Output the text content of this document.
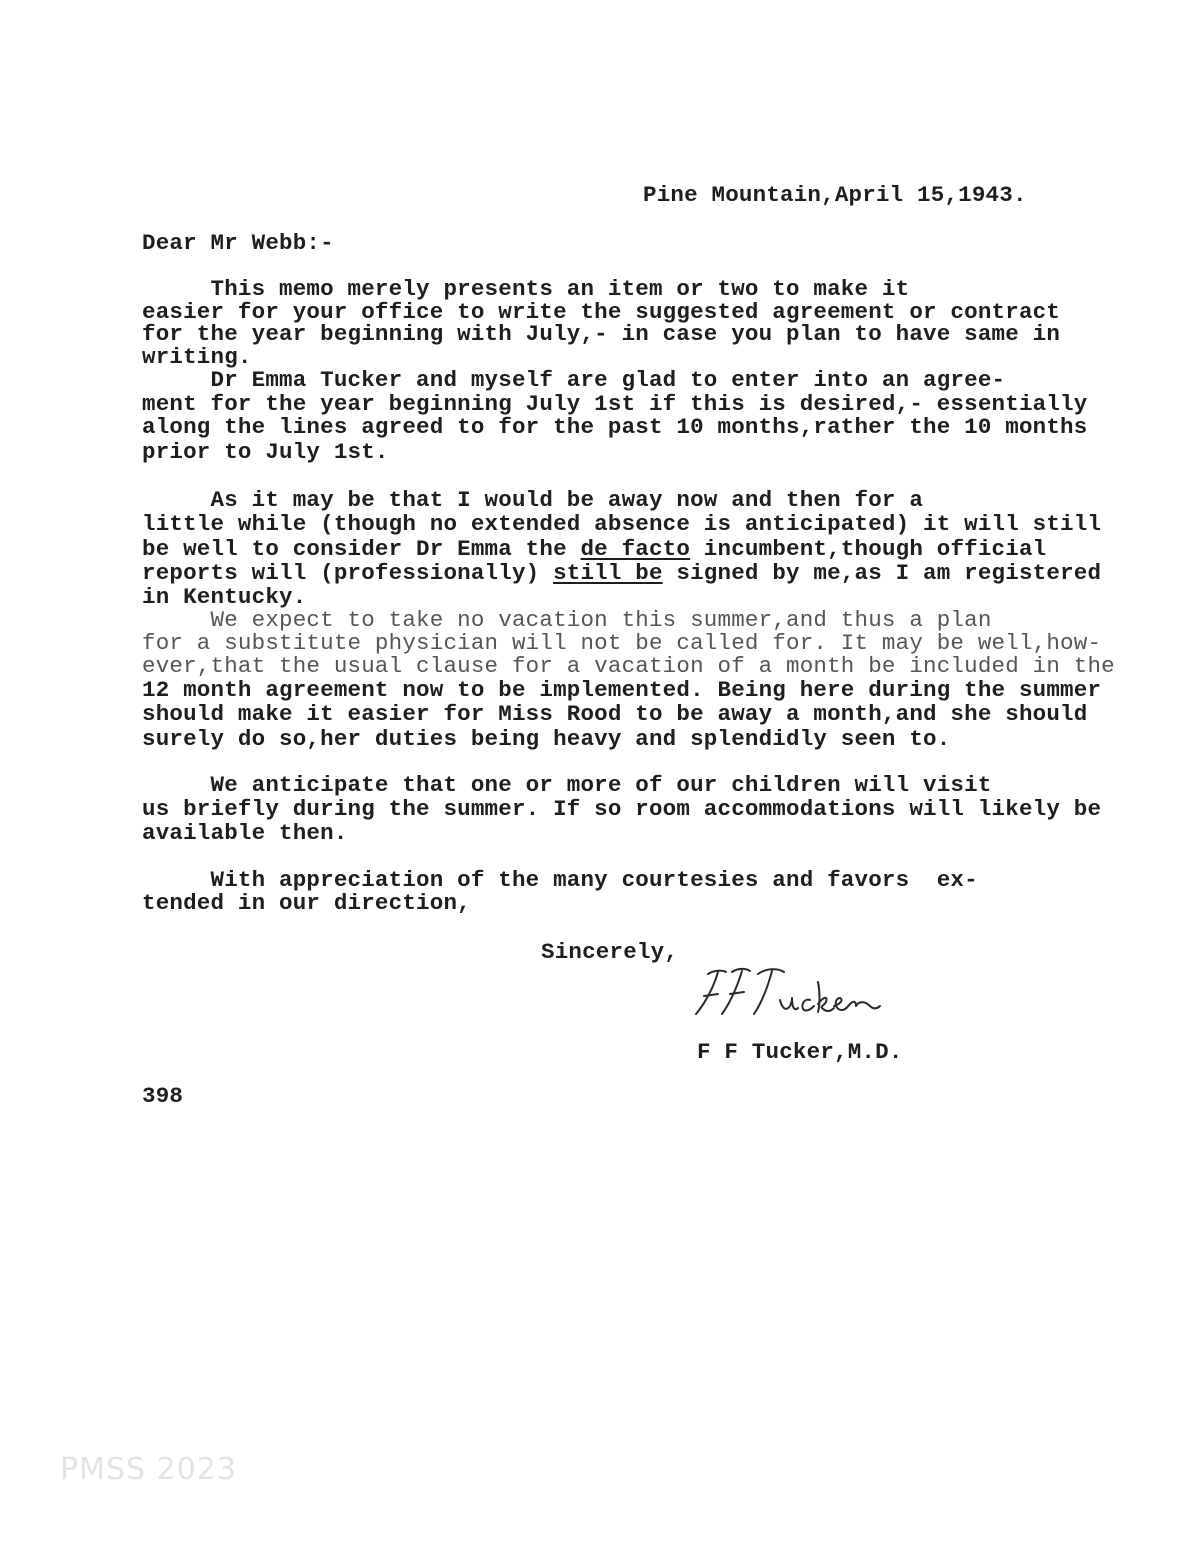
Pine Mountain,April 15,1943.
Dear Mr Webb:-
This memo merely presents an item or two to make it
easier for your office to write the suggested agreement or contract
for the year beginning with July,- in case you plan to have same in
writing.
Dr Emma Tucker and myself are glad to enter into an agree-
ment for the year beginning July 1st if this is desired,- essentially
along the lines agreed to for the past 10 months,rather the 10 months
prior to July 1st.
As it may be that I would be away now and then for a
little while (though no extended absence is anticipated) it will still
be well to consider Dr Emma the de facto incumbent,though official
reports will (professionally) still be signed by me,as I am registered
in Kentucky.
We expect to take no vacation this summer,and thus a plan
for a substitute physician will not be called for. It may be well,how-
ever,that the usual clause for a vacation of a month be included in the
12 month agreement now to be implemented. Being here during the summer
should make it easier for Miss Rood to be away a month,and she should
surely do so,her duties being heavy and splendidly seen to.
We anticipate that one or more of our children will visit
us briefly during the summer. If so room accommodations will likely be
available then.
With appreciation of the many courtesies and favors  ex-
tended in our direction,
Sincerely,
F F Tucker,M.D.
398
PMSS 2023
